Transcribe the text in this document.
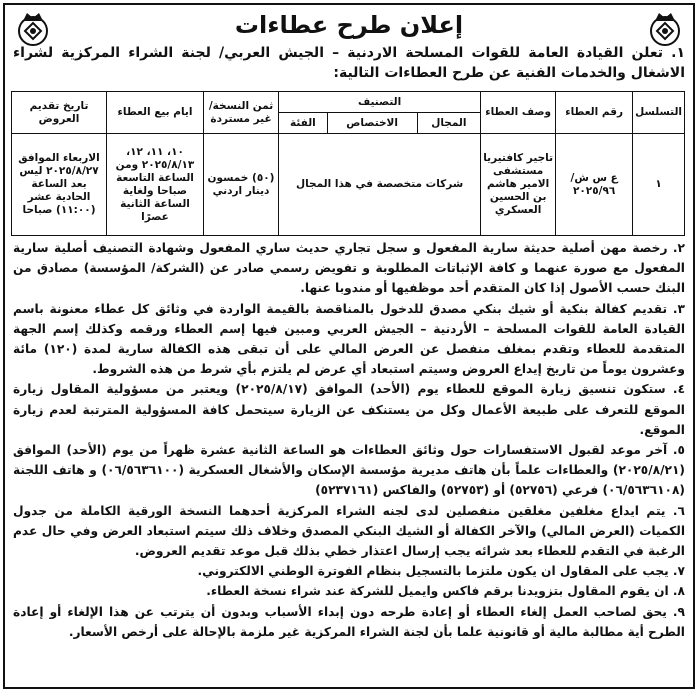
إعلان طرح عطاءات
١. تعلن القيادة العامة للقوات المسلحة الاردنية – الجيش العربي/ لجنة الشراء المركزية لشراء الاشغال والخدمات الفنية عن طرح العطاءات التالية:
التسلسل	رقم العطاء	وصف العطاء	التصنيف			ثمن النسخة/ غير مستردة	ايام بيع العطاء	تاريخ تقديم العروض
			المجال	الاختصاص	الفئة			
١	ع س ش/ ٢٠٢٥/٩٦	تاجير كافتيريا مستشفى الامير هاشم بن الحسين العسكري	شركات متخصصة في هذا المجال			(٥٠) خمسون دينار اردني	١٠، ١١، ١٢، ٢٠٢٥/٨/١٣ ومن الساعة التاسعة صباحا ولغاية الساعة الثانية عصرًا	الاربعاء الموافق ٢٠٢٥/٨/٢٧ ليس بعد الساعة الحادية عشر (١١:٠٠) صباحا

٢. رخصة مهن أصلية حديثة سارية المفعول و سجل تجاري حديث ساري المفعول وشهادة التصنيف أصلية سارية المفعول مع صورة عنهما و كافة الإثباتات المطلوبة و تفويض رسمي صادر عن (الشركة/ المؤسسة) مصادق من البنك حسب الأصول إذا كان المتقدم أحد موظفيها أو مندوبا عنها.

٣. تقديم كفالة بنكية أو شيك بنكي مصدق للدخول بالمناقصة بالقيمة الواردة في وثائق كل عطاء معنونة باسم القيادة العامة للقوات المسلحة – الأردنية – الجيش العربي ومبين فيها إسم العطاء ورقمه وكذلك إسم الجهة المتقدمة للعطاء وتقدم بمغلف منفصل عن العرض المالي على أن تبقى هذه الكفالة سارية لمدة (١٢٠) مائة وعشرون يوماً من تاريخ إيداع العروض وسيتم استبعاد أي عرض لم يلتزم بأي شرط من هذه الشروط.

٤. ستكون تنسيق زيارة الموقع للعطاء يوم (الأحد) الموافق (٢٠٢٥/٨/١٧) ويعتبر من مسؤولية المقاول زيارة الموقع للتعرف على طبيعة الأعمال وكل من يستنكف عن الزيارة سيتحمل كافة المسؤولية المترتبة لعدم زيارة الموقع.

٥. آخر موعد لقبول الاستفسارات حول وثائق العطاءات هو الساعة الثانية عشرة ظهراً من يوم (الأحد) الموافق (٢٠٢٥/٨/٢١) والعطاءات علماً بأن هاتف مديرية مؤسسة الإسكان والأشغال العسكرية (٠٦/٥٦٣٦١٠٠) و هاتف اللجنة (٠٦/٥٦٣٦١٠٨) فرعي (٥٢٧٥٦) أو (٥٢٧٥٣) والفاكس (٥٢٣٧١٦١)

٦. يتم ايداع مغلفين مغلقين منفصلين لدى لجنه الشراء المركزية أحدهما النسخة الورقية الكاملة من جدول الكميات (العرض المالي) والآخر الكفالة أو الشيك البنكي المصدق وخلاف ذلك سيتم استبعاد العرض وفي حال عدم الرغبة في التقدم للعطاء بعد شرائه يجب إرسال اعتذار خطي بذلك قبل موعد تقديم العروض.

٧. يجب على المقاول ان يكون ملتزما بالتسجيل بنظام الفوترة الوطني الالكتروني.

٨. ان يقوم المقاول بتزويدنا برقم فاكس وايميل للشركة عند شراء نسخة العطاء.

٩. يحق لصاحب العمل إلغاء العطاء أو إعادة طرحه دون إبداء الأسباب وبدون أن يترتب عن هذا الإلغاء أو إعادة الطرح أية مطالبة مالية أو قانونية علما بأن لجنة الشراء المركزية غير ملزمة بالإحالة على أرخص الأسعار.
